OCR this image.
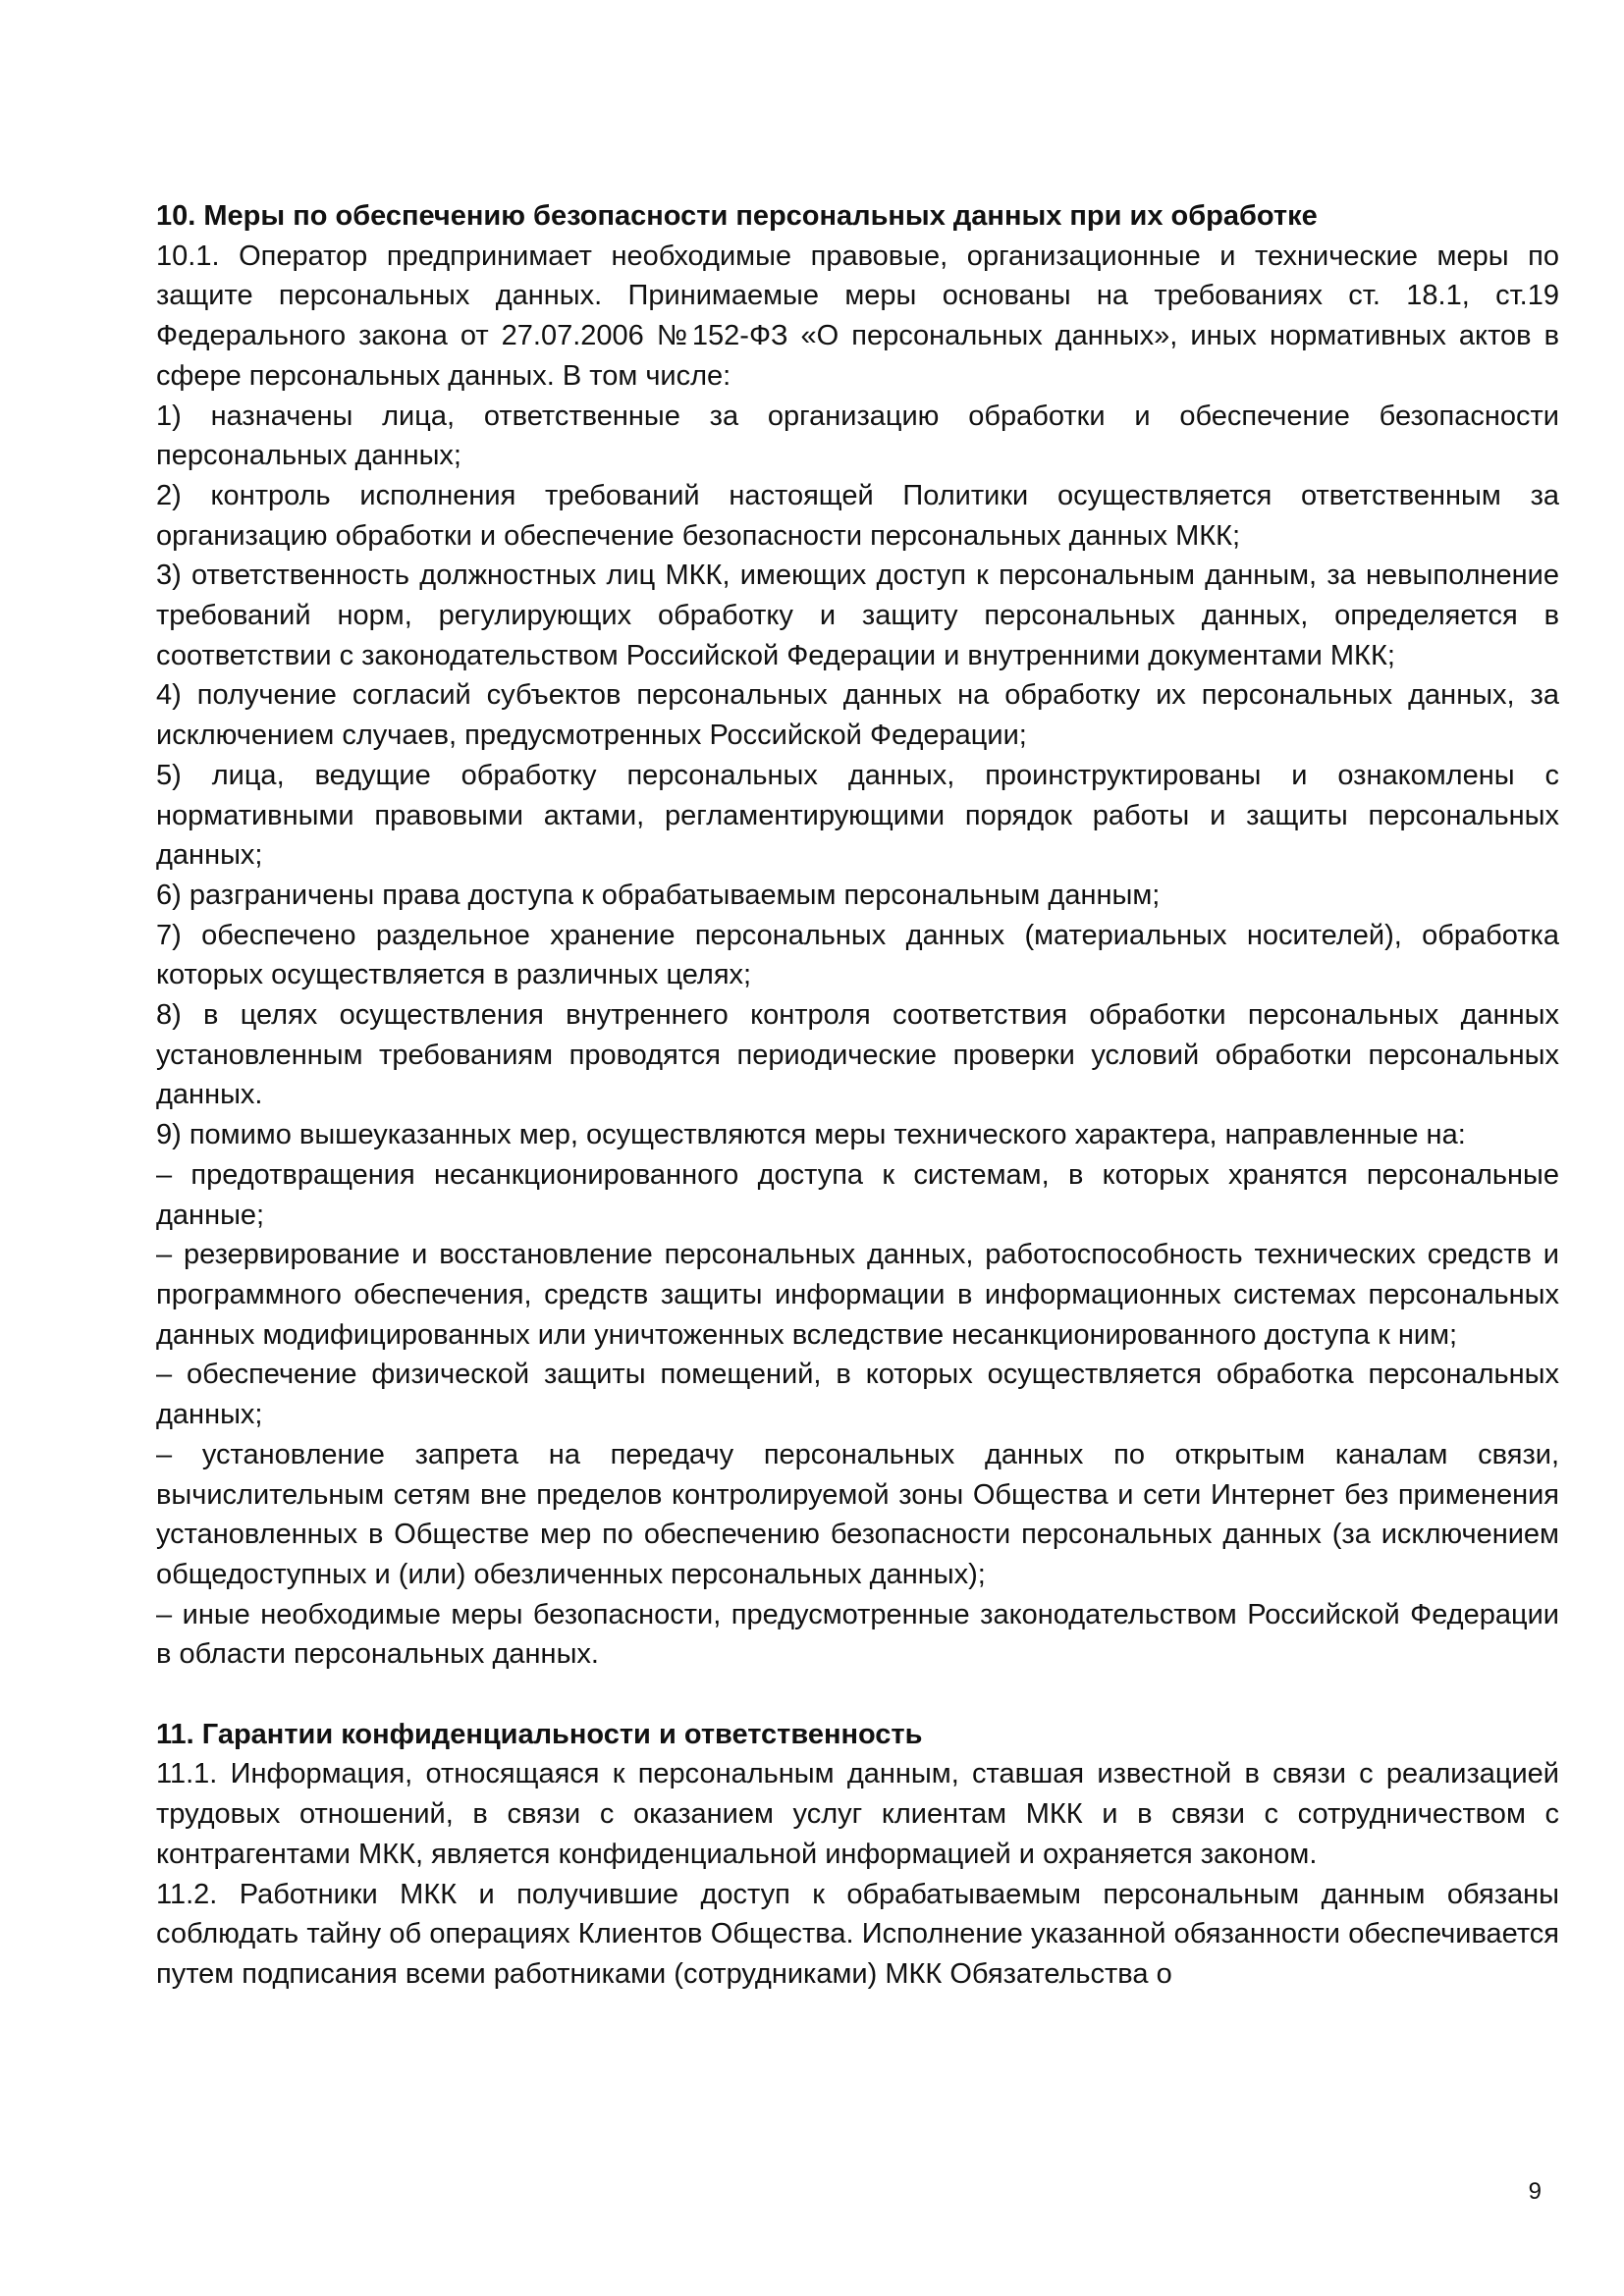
10. Меры по обеспечению безопасности персональных данных при их обработке
10.1. Оператор предпринимает необходимые правовые, организационные и технические меры по защите персональных данных. Принимаемые меры основаны на требованиях ст. 18.1, ст.19 Федерального закона от 27.07.2006 №152-ФЗ «О персональных данных», иных нормативных актов в сфере персональных данных. В том числе:
1) назначены лица, ответственные за организацию обработки и обеспечение безопасности персональных данных;
2) контроль исполнения требований настоящей Политики осуществляется ответственным за организацию обработки и обеспечение безопасности персональных данных МКК;
3) ответственность должностных лиц МКК, имеющих доступ к персональным данным, за невыполнение требований норм, регулирующих обработку и защиту персональных данных, определяется в соответствии с законодательством Российской Федерации и внутренними документами МКК;
4) получение согласий субъектов персональных данных на обработку их персональных данных, за исключением случаев, предусмотренных Российской Федерации;
5) лица, ведущие обработку персональных данных, проинструктированы и ознакомлены с нормативными правовыми актами, регламентирующими порядок работы и защиты персональных данных;
6) разграничены права доступа к обрабатываемым персональным данным;
7) обеспечено раздельное хранение персональных данных (материальных носителей), обработка которых осуществляется в различных целях;
8) в целях осуществления внутреннего контроля соответствия обработки персональных данных установленным требованиям проводятся периодические проверки условий обработки персональных данных.
9) помимо вышеуказанных мер, осуществляются меры технического характера, направленные на:
– предотвращения несанкционированного доступа к системам, в которых хранятся персональные данные;
– резервирование и восстановление персональных данных, работоспособность технических средств и программного обеспечения, средств защиты информации в информационных системах персональных данных модифицированных или уничтоженных вследствие несанкционированного доступа к ним;
– обеспечение физической защиты помещений, в которых осуществляется обработка персональных данных;
– установление запрета на передачу персональных данных по открытым каналам связи, вычислительным сетям вне пределов контролируемой зоны Общества и сети Интернет без применения установленных в Обществе мер по обеспечению безопасности персональных данных (за исключением общедоступных и (или) обезличенных персональных данных);
– иные необходимые меры безопасности, предусмотренные законодательством Российской Федерации в области персональных данных.
11. Гарантии конфиденциальности и ответственность
11.1. Информация, относящаяся к персональным данным, ставшая известной в связи с реализацией трудовых отношений, в связи с оказанием услуг клиентам МКК и в связи с сотрудничеством с контрагентами МКК, является конфиденциальной информацией и охраняется законом.
11.2. Работники МКК и получившие доступ к обрабатываемым персональным данным обязаны соблюдать тайну об операциях Клиентов Общества. Исполнение указанной обязанности обеспечивается путем подписания всеми работниками (сотрудниками) МКК Обязательства о
9
